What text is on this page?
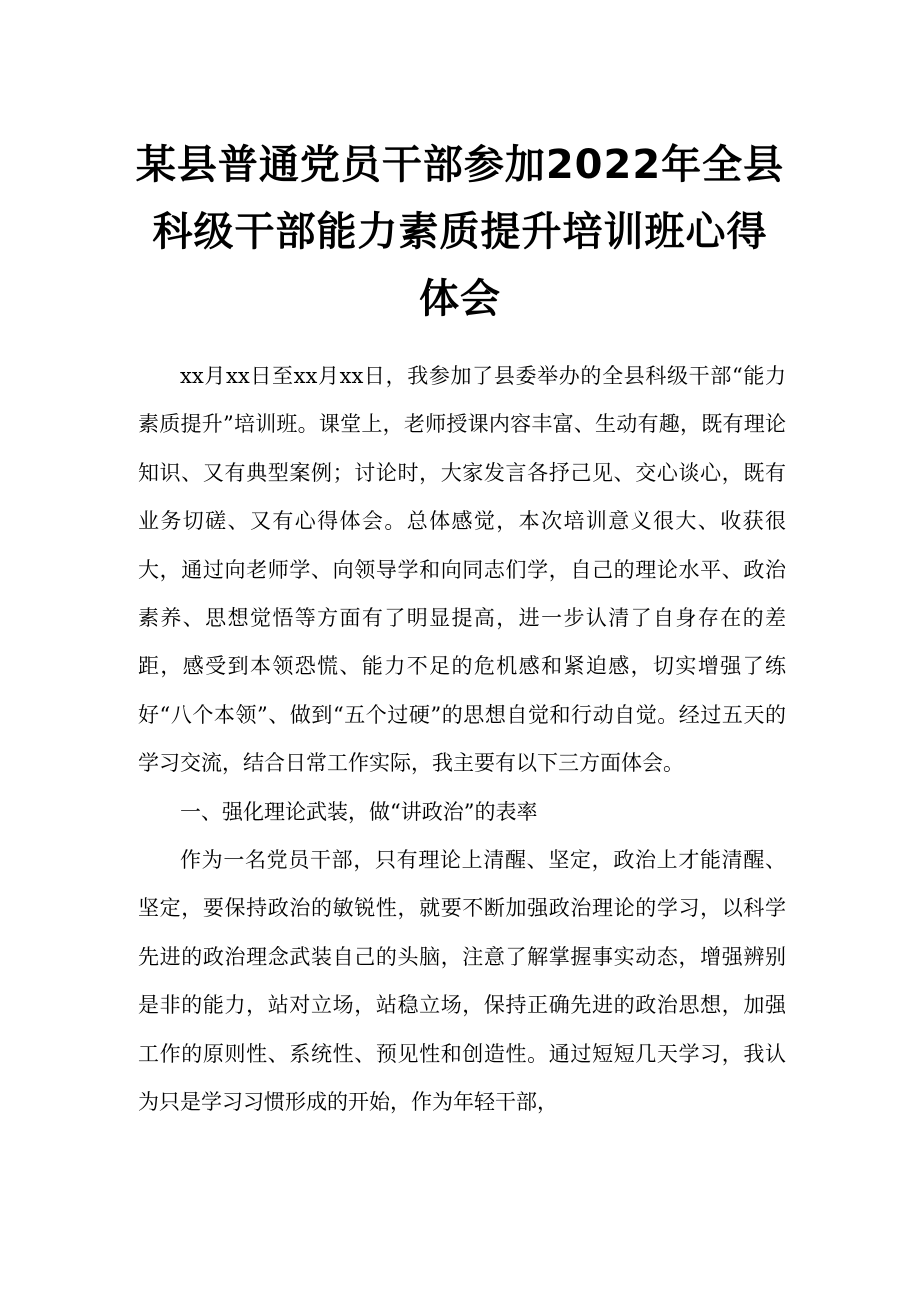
某县普通党员干部参加2022年全县
科级干部能力素质提升培训班心得
体会

xx月xx日至xx月xx日，我参加了县委举办的全县科级干部“能力素质提升”培训班。课堂上，老师授课内容丰富、生动有趣，既有理论知识、又有典型案例；讨论时，大家发言各抒己见、交心谈心，既有业务切磋、又有心得体会。总体感觉，本次培训意义很大、收获很大，通过向老师学、向领导学和向同志们学，自己的理论水平、政治素养、思想觉悟等方面有了明显提高，进一步认清了自身存在的差距，感受到本领恐慌、能力不足的危机感和紧迫感，切实增强了练好“八个本领”、做到“五个过硬”的思想自觉和行动自觉。经过五天的学习交流，结合日常工作实际，我主要有以下三方面体会。

一、强化理论武装，做“讲政治”的表率

作为一名党员干部，只有理论上清醒、坚定，政治上才能清醒、坚定，要保持政治的敏锐性，就要不断加强政治理论的学习，以科学先进的政治理念武装自己的头脑，注意了解掌握事实动态，增强辨别是非的能力，站对立场，站稳立场，保持正确先进的政治思想，加强工作的原则性、系统性、预见性和创造性。通过短短几天学习，我认为只是学习习惯形成的开始，作为年轻干部，
